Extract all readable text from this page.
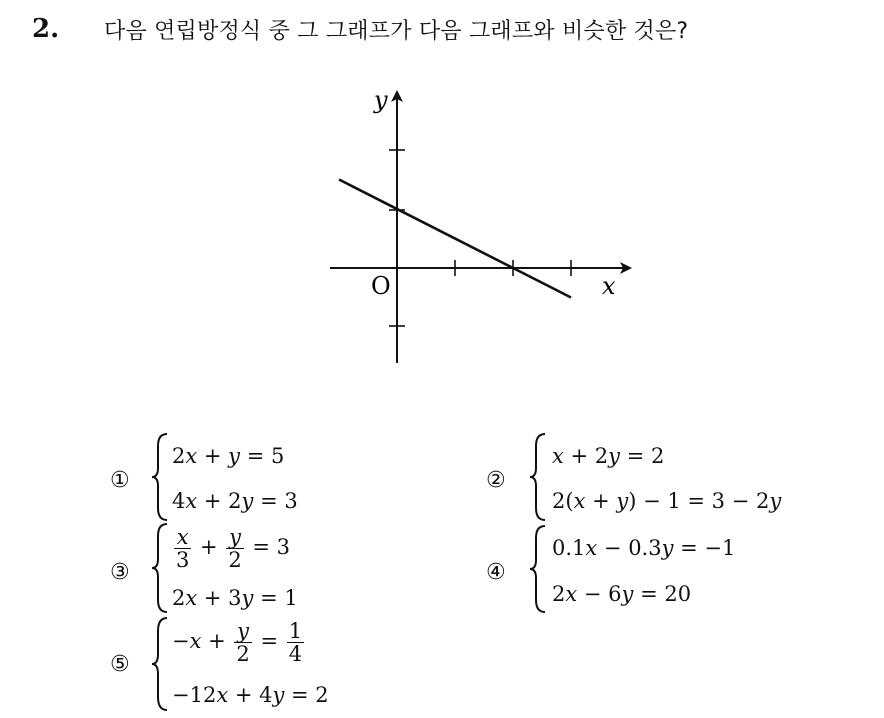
2. 다음 연립방정식 중 그 그래프가 다음 그래프와 비슷한 것은?
y
x
O
①
2x + y = 5
4x + 2y = 3
②
x + 2y = 2
2(x + y) − 1 = 3 − 2y
③
$\frac{x}{3} + \frac{y}{2} = 3$
2x + 3y = 1
④
0.1x − 0.3y = −1
2x − 6y = 20
⑤
$-x + \frac{y}{2} = \frac{1}{4}$
−12x + 4y = 2
